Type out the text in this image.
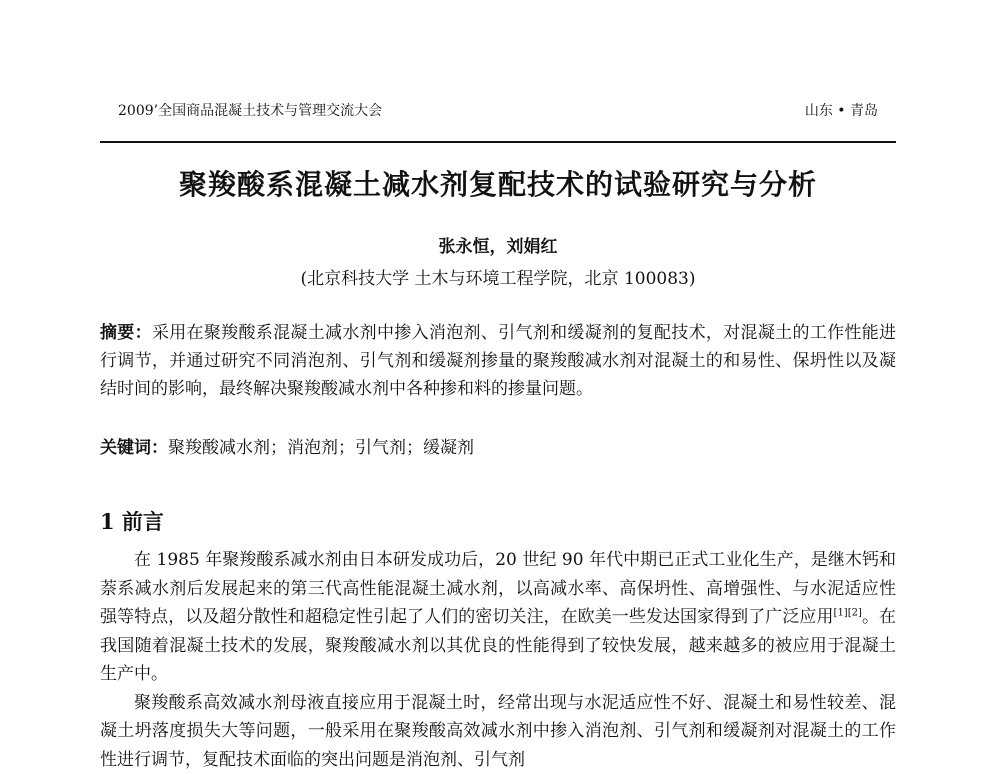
2009’全国商品混凝土技术与管理交流大会	山东 • 青岛
聚羧酸系混凝土减水剂复配技术的试验研究与分析
张永恒，刘娟红
(北京科技大学 土木与环境工程学院，北京 100083)
摘要：采用在聚羧酸系混凝土减水剂中掺入消泡剂、引气剂和缓凝剂的复配技术，对混凝土的工作性能进行调节，并通过研究不同消泡剂、引气剂和缓凝剂掺量的聚羧酸减水剂对混凝土的和易性、保坍性以及凝结时间的影响，最终解决聚羧酸减水剂中各种掺和料的掺量问题。
关键词：聚羧酸减水剂；消泡剂；引气剂；缓凝剂
1 前言

在 1985 年聚羧酸系减水剂由日本研发成功后，20 世纪 90 年代中期已正式工业化生产，是继木钙和萘系减水剂后发展起来的第三代高性能混凝土减水剂，以高减水率、高保坍性、高增强性、与水泥适应性强等特点，以及超分散性和超稳定性引起了人们的密切关注，在欧美一些发达国家得到了广泛应用[1][2]。在我国随着混凝土技术的发展，聚羧酸减水剂以其优良的性能得到了较快发展，越来越多的被应用于混凝土生产中。

聚羧酸系高效减水剂母液直接应用于混凝土时，经常出现与水泥适应性不好、混凝土和易性较差、混凝土坍落度损失大等问题，一般采用在聚羧酸高效减水剂中掺入消泡剂、引气剂和缓凝剂对混凝土的工作性进行调节，复配技术面临的突出问题是消泡剂、引气剂
